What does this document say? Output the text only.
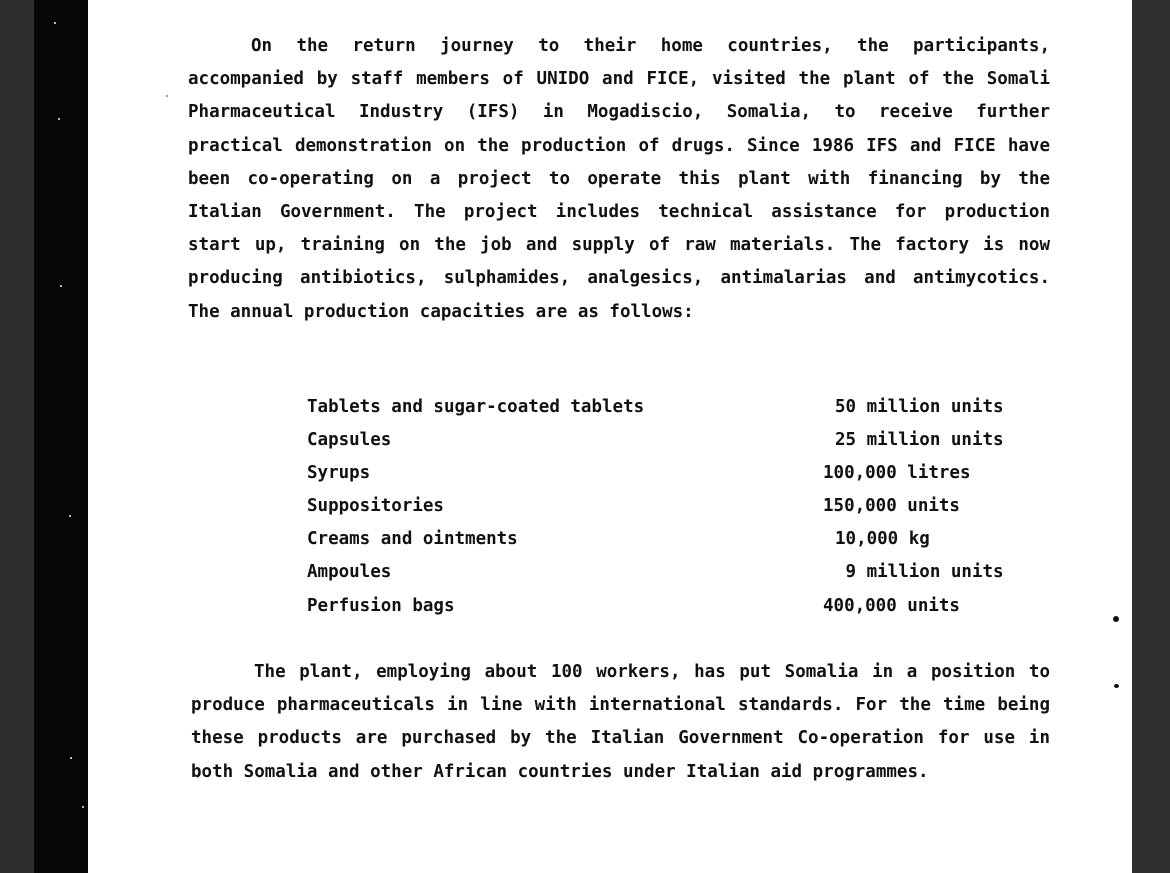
On the return journey to their home countries, the participants, accompanied by staff members of UNIDO and FICE, visited the plant of the Somali Pharmaceutical Industry (IFS) in Mogadiscio, Somalia, to receive further practical demonstration on the production of drugs. Since 1986 IFS and FICE have been co-operating on a project to operate this plant with financing by the Italian Government. The project includes technical assistance for production start up, training on the job and supply of raw materials. The factory is now producing antibiotics, sulphamides, analgesics, antimalarias and antimycotics. The annual production capacities are as follows:

Tablets and sugar-coated tablets	50 million units
Capsules	25 million units
Syrups	100,000 litres
Suppositories	150,000 units
Creams and ointments	10,000 kg
Ampoules	9 million units
Perfusion bags	400,000 units

The plant, employing about 100 workers, has put Somalia in a position to produce pharmaceuticals in line with international standards. For the time being these products are purchased by the Italian Government Co-operation for use in both Somalia and other African countries under Italian aid programmes.
